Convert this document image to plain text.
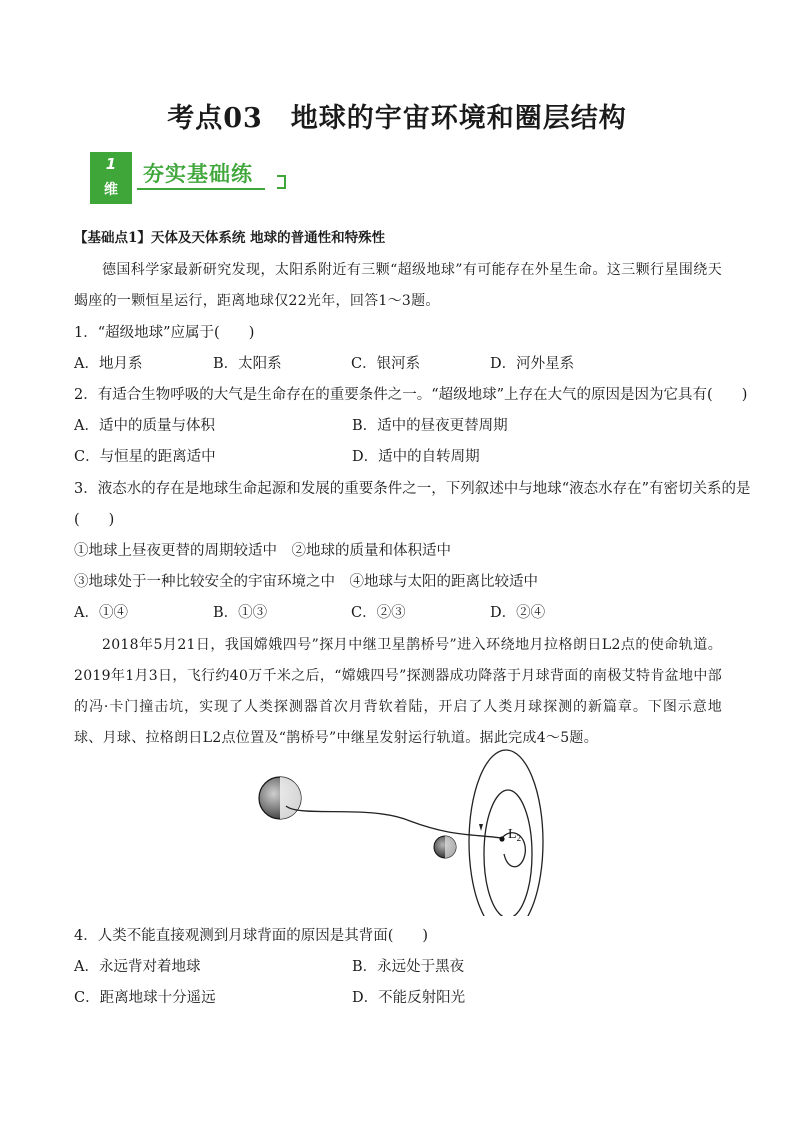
考点03　地球的宇宙环境和圈层结构
1
维
夯实基础练
【基础点1】天体及天体系统 地球的普通性和特殊性
德国科学家最新研究发现，太阳系附近有三颗“超级地球”有可能存在外星生命。这三颗行星围绕天蝎座的一颗恒星运行，距离地球仅22光年，回答1～3题。
1．“超级地球”应属于(　　)
A．地月系	B．太阳系	C．银河系	D．河外星系
2．有适合生物呼吸的大气是生命存在的重要条件之一。“超级地球”上存在大气的原因是因为它具有(　　)
A．适中的质量与体积	B．适中的昼夜更替周期
C．与恒星的距离适中	D．适中的自转周期
3．液态水的存在是地球生命起源和发展的重要条件之一，下列叙述中与地球“液态水存在”有密切关系的是
(　　)
①地球上昼夜更替的周期较适中　②地球的质量和体积适中
③地球处于一种比较安全的宇宙环境之中　④地球与太阳的距离比较适中
A．①④	B．①③	C．②③	D．②④
2018年5月21日，我国嫦娥四号”探月中继卫星鹊桥号”进入环绕地月拉格朗日L2点的使命轨道。2019年1月3日，飞行约40万千米之后，“嫦娥四号”探测器成功降落于月球背面的南极艾特肯盆地中部的冯·卡门撞击坑，实现了人类探测器首次月背软着陆，开启了人类月球探测的新篇章。下图示意地球、月球、拉格朗日L2点位置及“鹊桥号”中继星发射运行轨道。据此完成4～5题。
$L_2$
4．人类不能直接观测到月球背面的原因是其背面(　　)
A．永远背对着地球	B．永远处于黑夜
C．距离地球十分遥远	D．不能反射阳光
